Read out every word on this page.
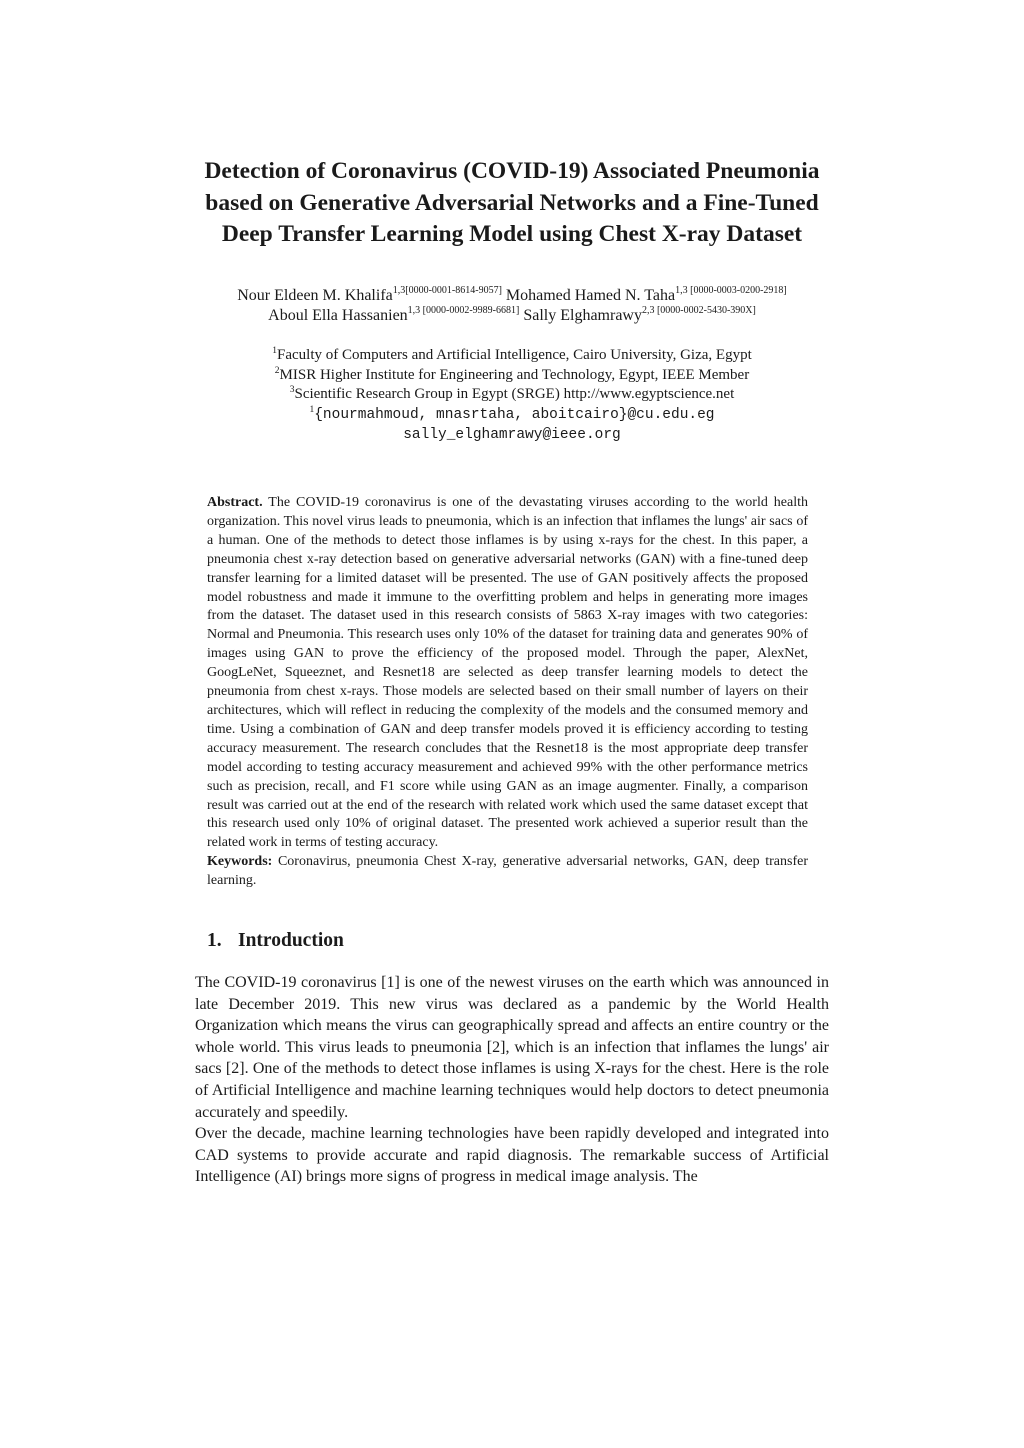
Detection of Coronavirus (COVID-19) Associated Pneumonia
based on Generative Adversarial Networks and a Fine-Tuned
Deep Transfer Learning Model using Chest X-ray Dataset
Nour Eldeen M. Khalifa$^{1,3[0000-0001-8614-9057]}$ Mohamed Hamed N. Taha$^{1,3 [0000-0003-0200-2918]}$
Aboul Ella Hassanien$^{1,3 [0000-0002-9989-6681]}$ Sally Elghamrawy$^{2,3 [0000-0002-5430-390X]}$
$^1$Faculty of Computers and Artificial Intelligence, Cairo University, Giza, Egypt
$^2$MISR Higher Institute for Engineering and Technology, Egypt, IEEE Member
$^3$Scientific Research Group in Egypt (SRGE) http://www.egyptscience.net
$^1${nourmahmoud, mnasrtaha, aboitcairo}@cu.edu.eg
sally_elghamrawy@ieee.org

Abstract. The COVID-19 coronavirus is one of the devastating viruses according to the world health organization. This novel virus leads to pneumonia, which is an infection that inflames the lungs' air sacs of a human. One of the methods to detect those inflames is by using x-rays for the chest. In this paper, a pneumonia chest x-ray detection based on generative adversarial networks (GAN) with a fine-tuned deep transfer learning for a limited dataset will be presented. The use of GAN positively affects the proposed model robustness and made it immune to the overfitting problem and helps in generating more images from the dataset. The dataset used in this research consists of 5863 X-ray images with two categories: Normal and Pneumonia. This research uses only 10% of the dataset for training data and generates 90% of images using GAN to prove the efficiency of the proposed model. Through the paper, AlexNet, GoogLeNet, Squeeznet, and Resnet18 are selected as deep transfer learning models to detect the pneumonia from chest x-rays. Those models are selected based on their small number of layers on their architectures, which will reflect in reducing the complexity of the models and the consumed memory and time. Using a combination of GAN and deep transfer models proved it is efficiency according to testing accuracy measurement. The research concludes that the Resnet18 is the most appropriate deep transfer model according to testing accuracy measurement and achieved 99% with the other performance metrics such as precision, recall, and F1 score while using GAN as an image augmenter. Finally, a comparison result was carried out at the end of the research with related work which used the same dataset except that this research used only 10% of original dataset. The presented work achieved a superior result than the related work in terms of testing accuracy.

Keywords: Coronavirus, pneumonia Chest X-ray, generative adversarial networks, GAN, deep transfer learning.

1. Introduction

The COVID-19 coronavirus [1] is one of the newest viruses on the earth which was announced in late December 2019. This new virus was declared as a pandemic by the World Health Organization which means the virus can geographically spread and affects an entire country or the whole world. This virus leads to pneumonia [2], which is an infection that inflames the lungs' air sacs [2]. One of the methods to detect those inflames is using X-rays for the chest. Here is the role of Artificial Intelligence and machine learning techniques would help doctors to detect pneumonia accurately and speedily.

Over the decade, machine learning technologies have been rapidly developed and integrated into CAD systems to provide accurate and rapid diagnosis. The remarkable success of Artificial Intelligence (AI) brings more signs of progress in medical image analysis. The
